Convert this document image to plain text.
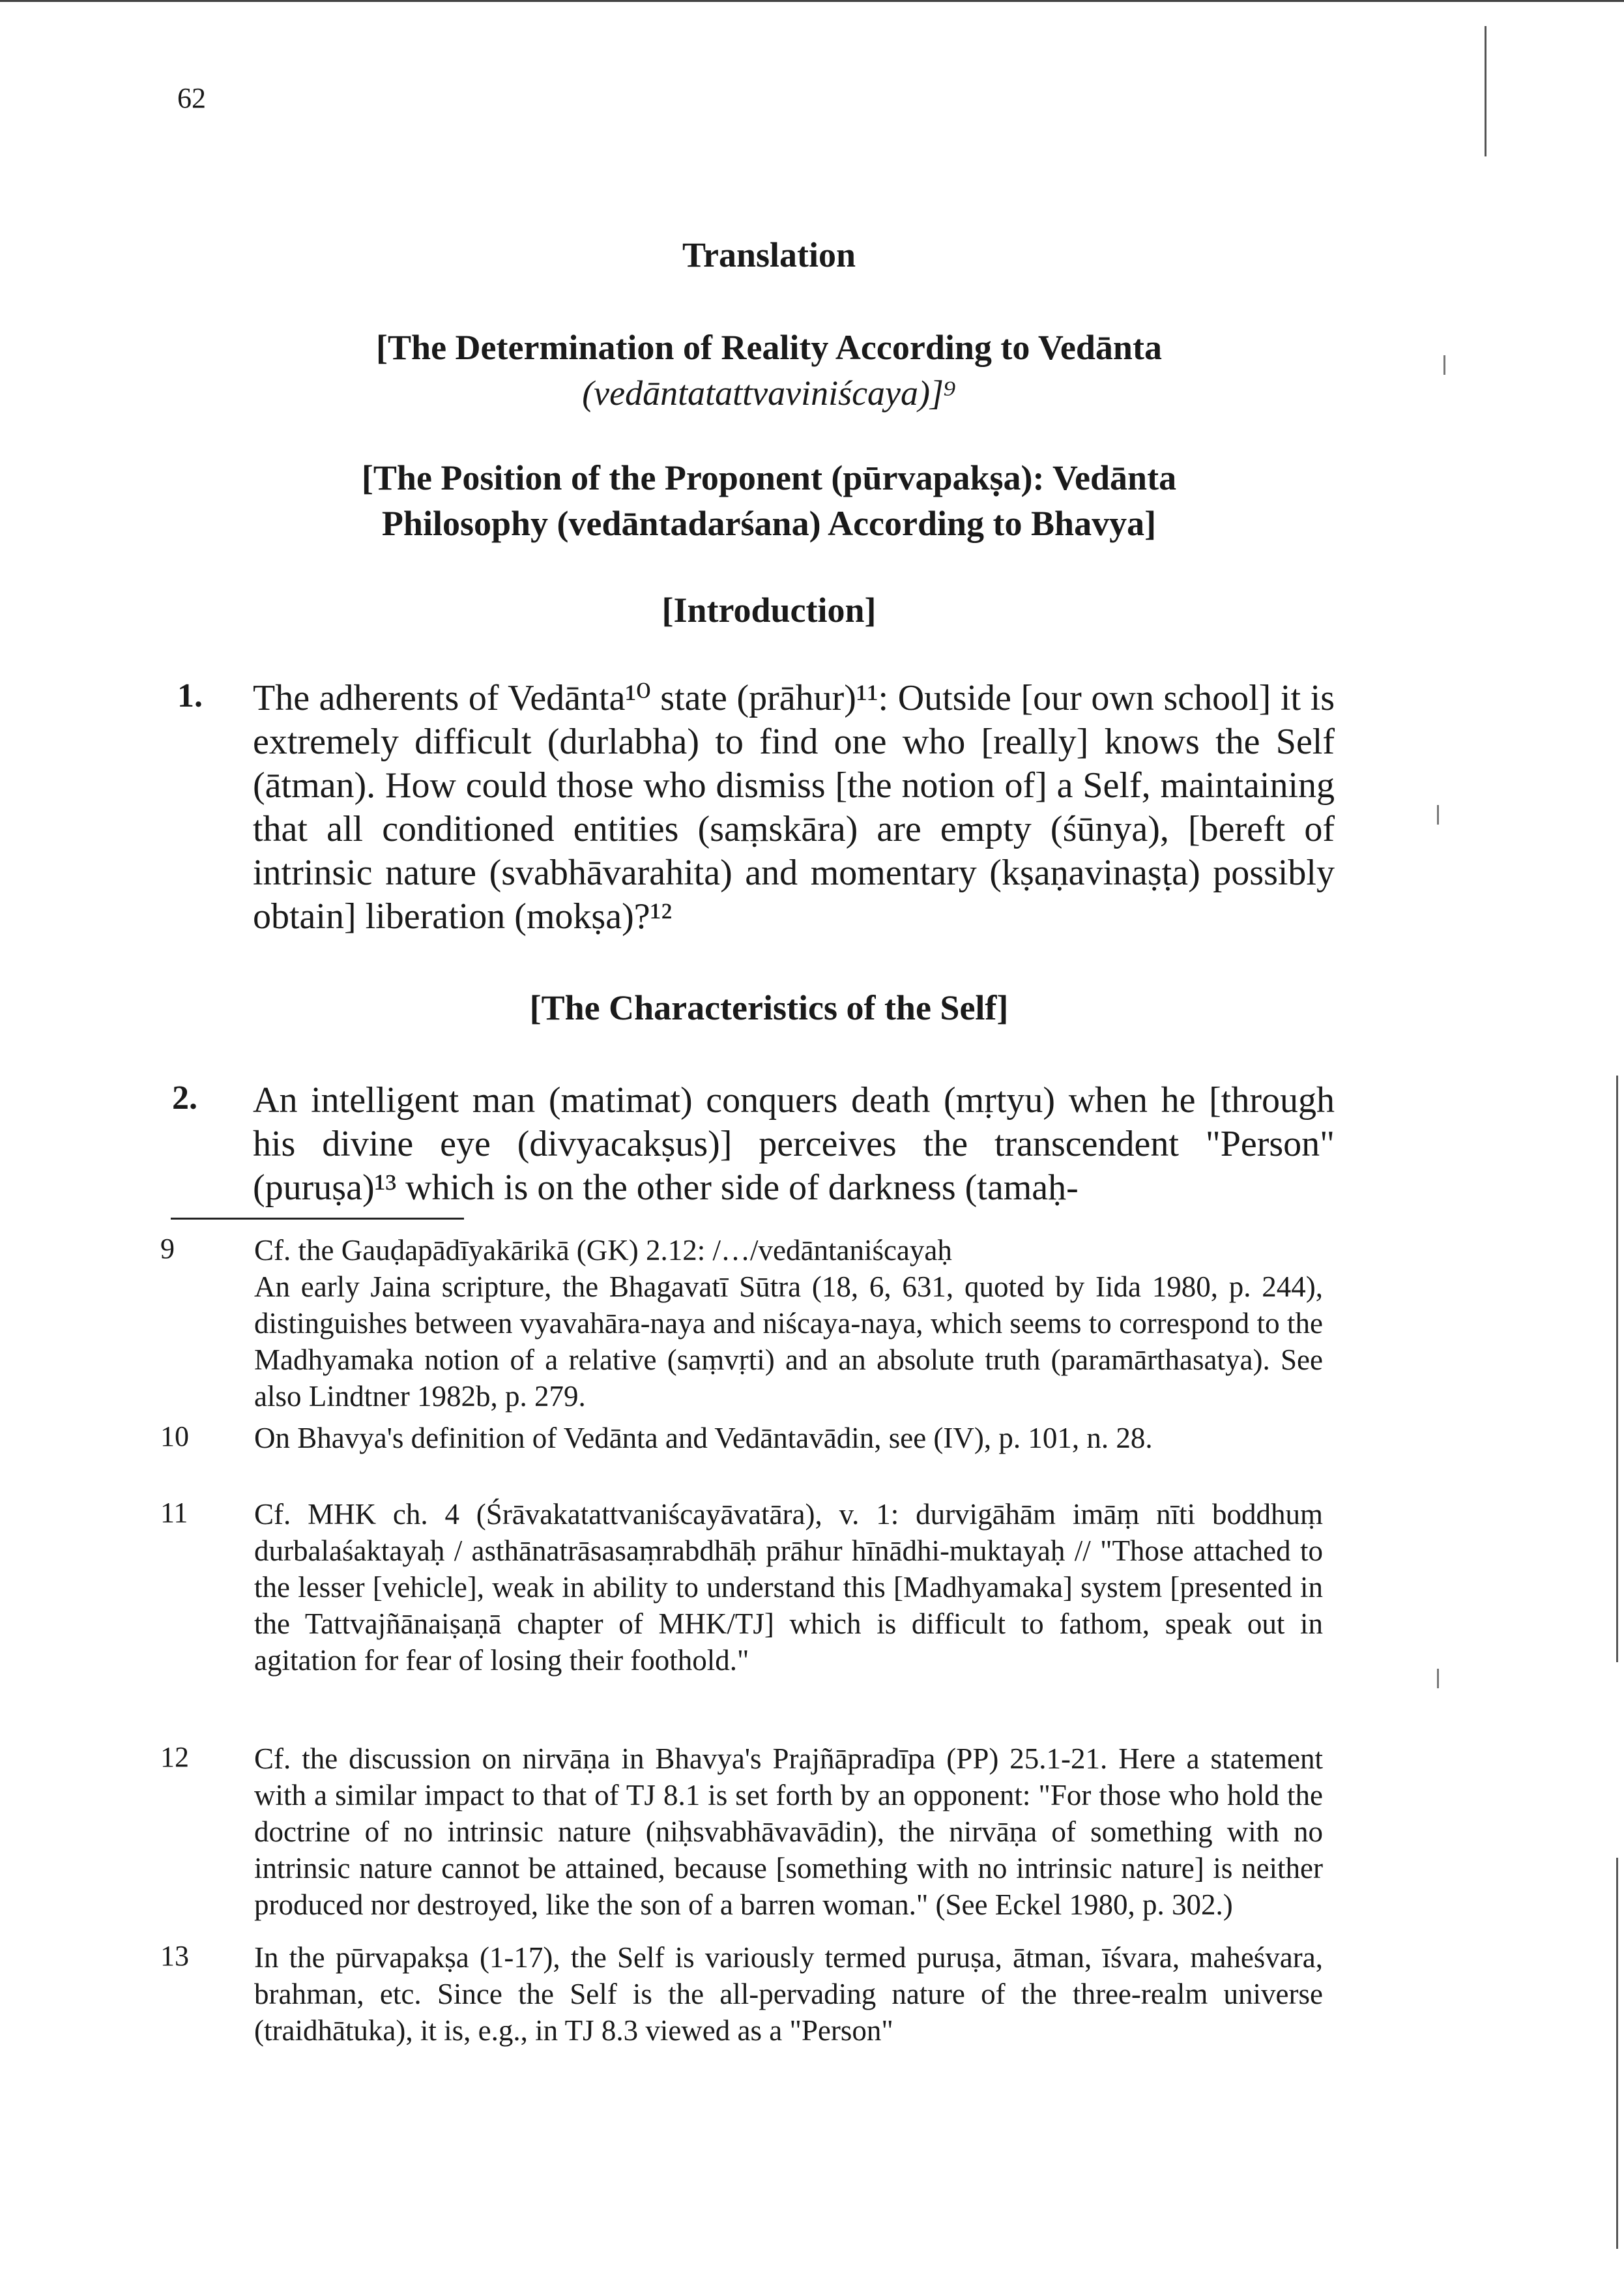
62
Translation
[The Determination of Reality According to Vedānta
(vedāntatattvaviniścaya)]⁹
[The Position of the Proponent (pūrvapakṣa): Vedānta
Philosophy (vedāntadarśana) According to Bhavya]
[Introduction]
1. The adherents of Vedānta¹⁰ state (prāhur)¹¹: Outside [our own school] it is extremely difficult (durlabha) to find one who [really] knows the Self (ātman). How could those who dismiss [the notion of] a Self, maintaining that all conditioned entities (saṃskāra) are empty (śūnya), [bereft of intrinsic nature (svabhāvarahita) and momentary (kṣaṇavinaṣṭa) possibly obtain] liberation (mokṣa)?¹²
[The Characteristics of the Self]
2. An intelligent man (matimat) conquers death (mṛtyu) when he [through his divine eye (divyacakṣus)] perceives the transcendent "Person" (puruṣa)¹³ which is on the other side of darkness (tamaḥ-
9	Cf. the Gauḍapādīyakārikā (GK) 2.12: /…/vedāntaniścayaḥ
An early Jaina scripture, the Bhagavatī Sūtra (18, 6, 631, quoted by Iida 1980, p. 244), distinguishes between vyavahāra-naya and niścaya-naya, which seems to correspond to the Madhyamaka notion of a relative (saṃvṛti) and an absolute truth (paramārthasatya). See also Lindtner 1982b, p. 279.
10 On Bhavya's definition of Vedānta and Vedāntavādin, see (IV), p. 101, n. 28.
11 Cf. MHK ch. 4 (Śrāvakatattvaniścayāvatāra), v. 1: durvigāhām imāṃ nīti boddhuṃ durbalaśaktayaḥ / asthānatrāsasaṃrabdhāḥ prāhur hīnādhi-muktayaḥ // "Those attached to the lesser [vehicle], weak in ability to understand this [Madhyamaka] system [presented in the Tattvajñānaiṣaṇā chapter of MHK/TJ] which is difficult to fathom, speak out in agitation for fear of losing their foothold."
12 Cf. the discussion on nirvāṇa in Bhavya's Prajñāpradīpa (PP) 25.1-21. Here a statement with a similar impact to that of TJ 8.1 is set forth by an opponent: "For those who hold the doctrine of no intrinsic nature (niḥsvabhāvavādin), the nirvāṇa of something with no intrinsic nature cannot be attained, because [something with no intrinsic nature] is neither produced nor destroyed, like the son of a barren woman." (See Eckel 1980, p. 302.)
13 In the pūrvapakṣa (1-17), the Self is variously termed puruṣa, ātman, īśvara, maheśvara, brahman, etc. Since the Self is the all-pervading nature of the three-realm universe (traidhātuka), it is, e.g., in TJ 8.3 viewed as a "Person"
